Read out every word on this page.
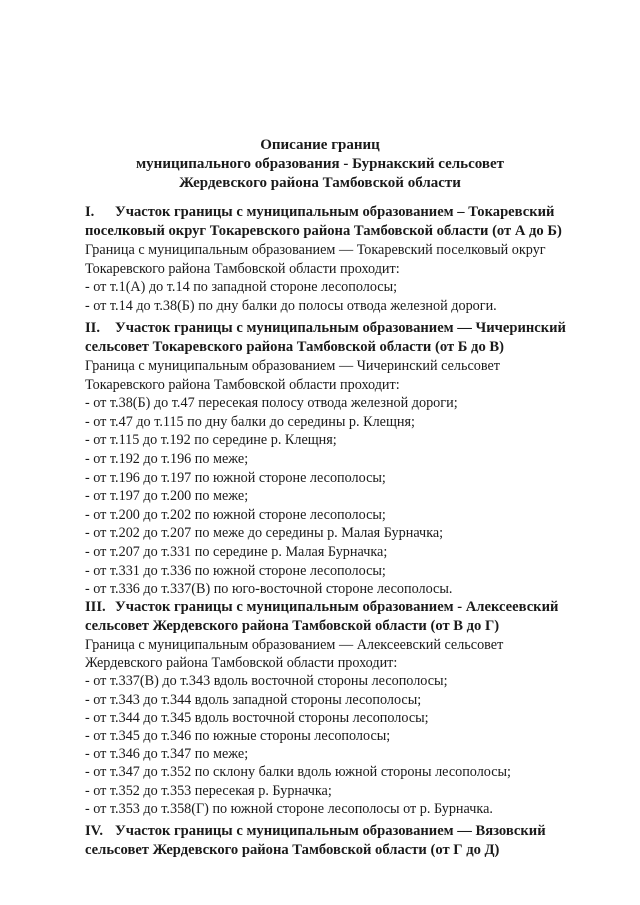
Описание границ
муниципального образования - Бурнакский сельсовет
Жердевского района Тамбовской области
I. Участок границы с муниципальным образованием – Токаревский
поселковый округ Токаревского района Тамбовской области (от А до Б)
Граница с муниципальным образованием — Токаревский поселковый округ
Токаревского района Тамбовской области проходит:
- от т.1(А) до т.14 по западной стороне лесополосы;
- от т.14 до т.38(Б) по дну балки до полосы отвода железной дороги.
II. Участок границы с муниципальным образованием — Чичеринский
сельсовет Токаревского района Тамбовской области (от Б до В)
Граница с муниципальным образованием — Чичеринский сельсовет
Токаревского района Тамбовской области проходит:
- от т.38(Б) до т.47 пересекая полосу отвода железной дороги;
- от т.47 до т.115 по дну балки до середины р. Клещня;
- от т.115 до т.192 по середине р. Клещня;
- от т.192 до т.196 по меже;
- от т.196 до т.197 по южной стороне лесополосы;
- от т.197 до т.200 по меже;
- от т.200 до т.202 по южной стороне лесополосы;
- от т.202 до т.207 по меже до середины р. Малая Бурначка;
- от т.207 до т.331 по середине р. Малая Бурначка;
- от т.331 до т.336 по южной стороне лесополосы;
- от т.336 до т.337(В) по юго-восточной стороне лесополосы.
III. Участок границы с муниципальным образованием - Алексеевский
сельсовет Жердевского района Тамбовской области (от В до Г)
Граница с муниципальным образованием — Алексеевский сельсовет
Жердевского района Тамбовской области проходит:
- от т.337(В) до т.343 вдоль восточной стороны лесополосы;
- от т.343 до т.344 вдоль западной стороны лесополосы;
- от т.344 до т.345 вдоль восточной стороны лесополосы;
- от т.345 до т.346 по южные стороны лесополосы;
- от т.346 до т.347 по меже;
- от т.347 до т.352 по склону балки вдоль южной стороны лесополосы;
- от т.352 до т.353 пересекая р. Бурначка;
- от т.353 до т.358(Г) по южной стороне лесополосы от р. Бурначка.
IV. Участок границы с муниципальным образованием — Вязовский
сельсовет Жердевского района Тамбовской области (от Г до Д)
